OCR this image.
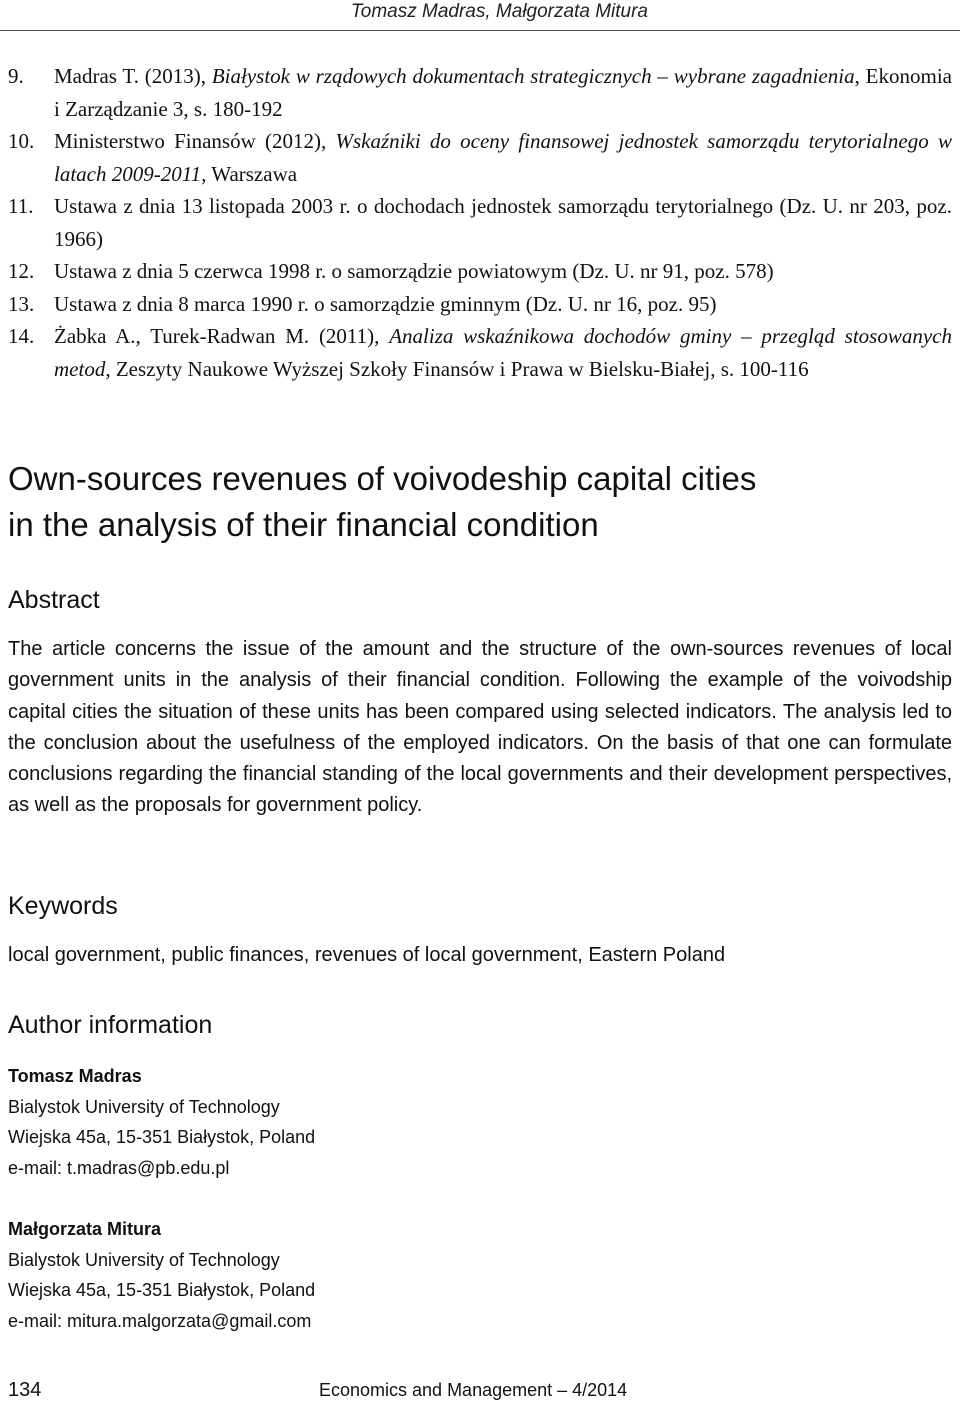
Tomasz Madras, Małgorzata Mitura
9.	Madras T. (2013), Białystok w rządowych dokumentach strategicznych – wybrane zagadnienia, Ekonomia i Zarządzanie 3, s. 180-192
10. Ministerstwo Finansów (2012), Wskaźniki do oceny finansowej jednostek samorządu terytorialnego w latach 2009-2011, Warszawa
11. Ustawa z dnia 13 listopada 2003 r. o dochodach jednostek samorządu terytorialnego (Dz. U. nr 203, poz. 1966)
12. Ustawa z dnia 5 czerwca 1998 r. o samorządzie powiatowym (Dz. U. nr 91, poz. 578)
13. Ustawa z dnia 8 marca 1990 r. o samorządzie gminnym (Dz. U. nr 16, poz. 95)
14. Żabka A., Turek-Radwan M. (2011), Analiza wskaźnikowa dochodów gminy – przegląd stosowanych metod, Zeszyty Naukowe Wyższej Szkoły Finansów i Prawa w Bielsku-Białej, s. 100-116
Own-sources revenues of voivodeship capital cities
in the analysis of their financial condition
Abstract
The article concerns the issue of the amount and the structure of the own-sources revenues of local government units in the analysis of their financial condition. Following the example of the voivodship capital cities the situation of these units has been compared using selected indicators. The analysis led to the conclusion about the usefulness of the employed indicators. On the basis of that one can formulate conclusions regarding the financial standing of the local governments and their development perspectives, as well as the proposals for government policy.
Keywords
local government, public finances, revenues of local government, Eastern Poland
Author information
Tomasz Madras
Bialystok University of Technology
Wiejska 45a, 15-351 Białystok, Poland
e-mail: t.madras@pb.edu.pl
Małgorzata Mitura
Bialystok University of Technology
Wiejska 45a, 15-351 Białystok, Poland
e-mail: mitura.malgorzata@gmail.com
134	Economics and Management – 4/2014
